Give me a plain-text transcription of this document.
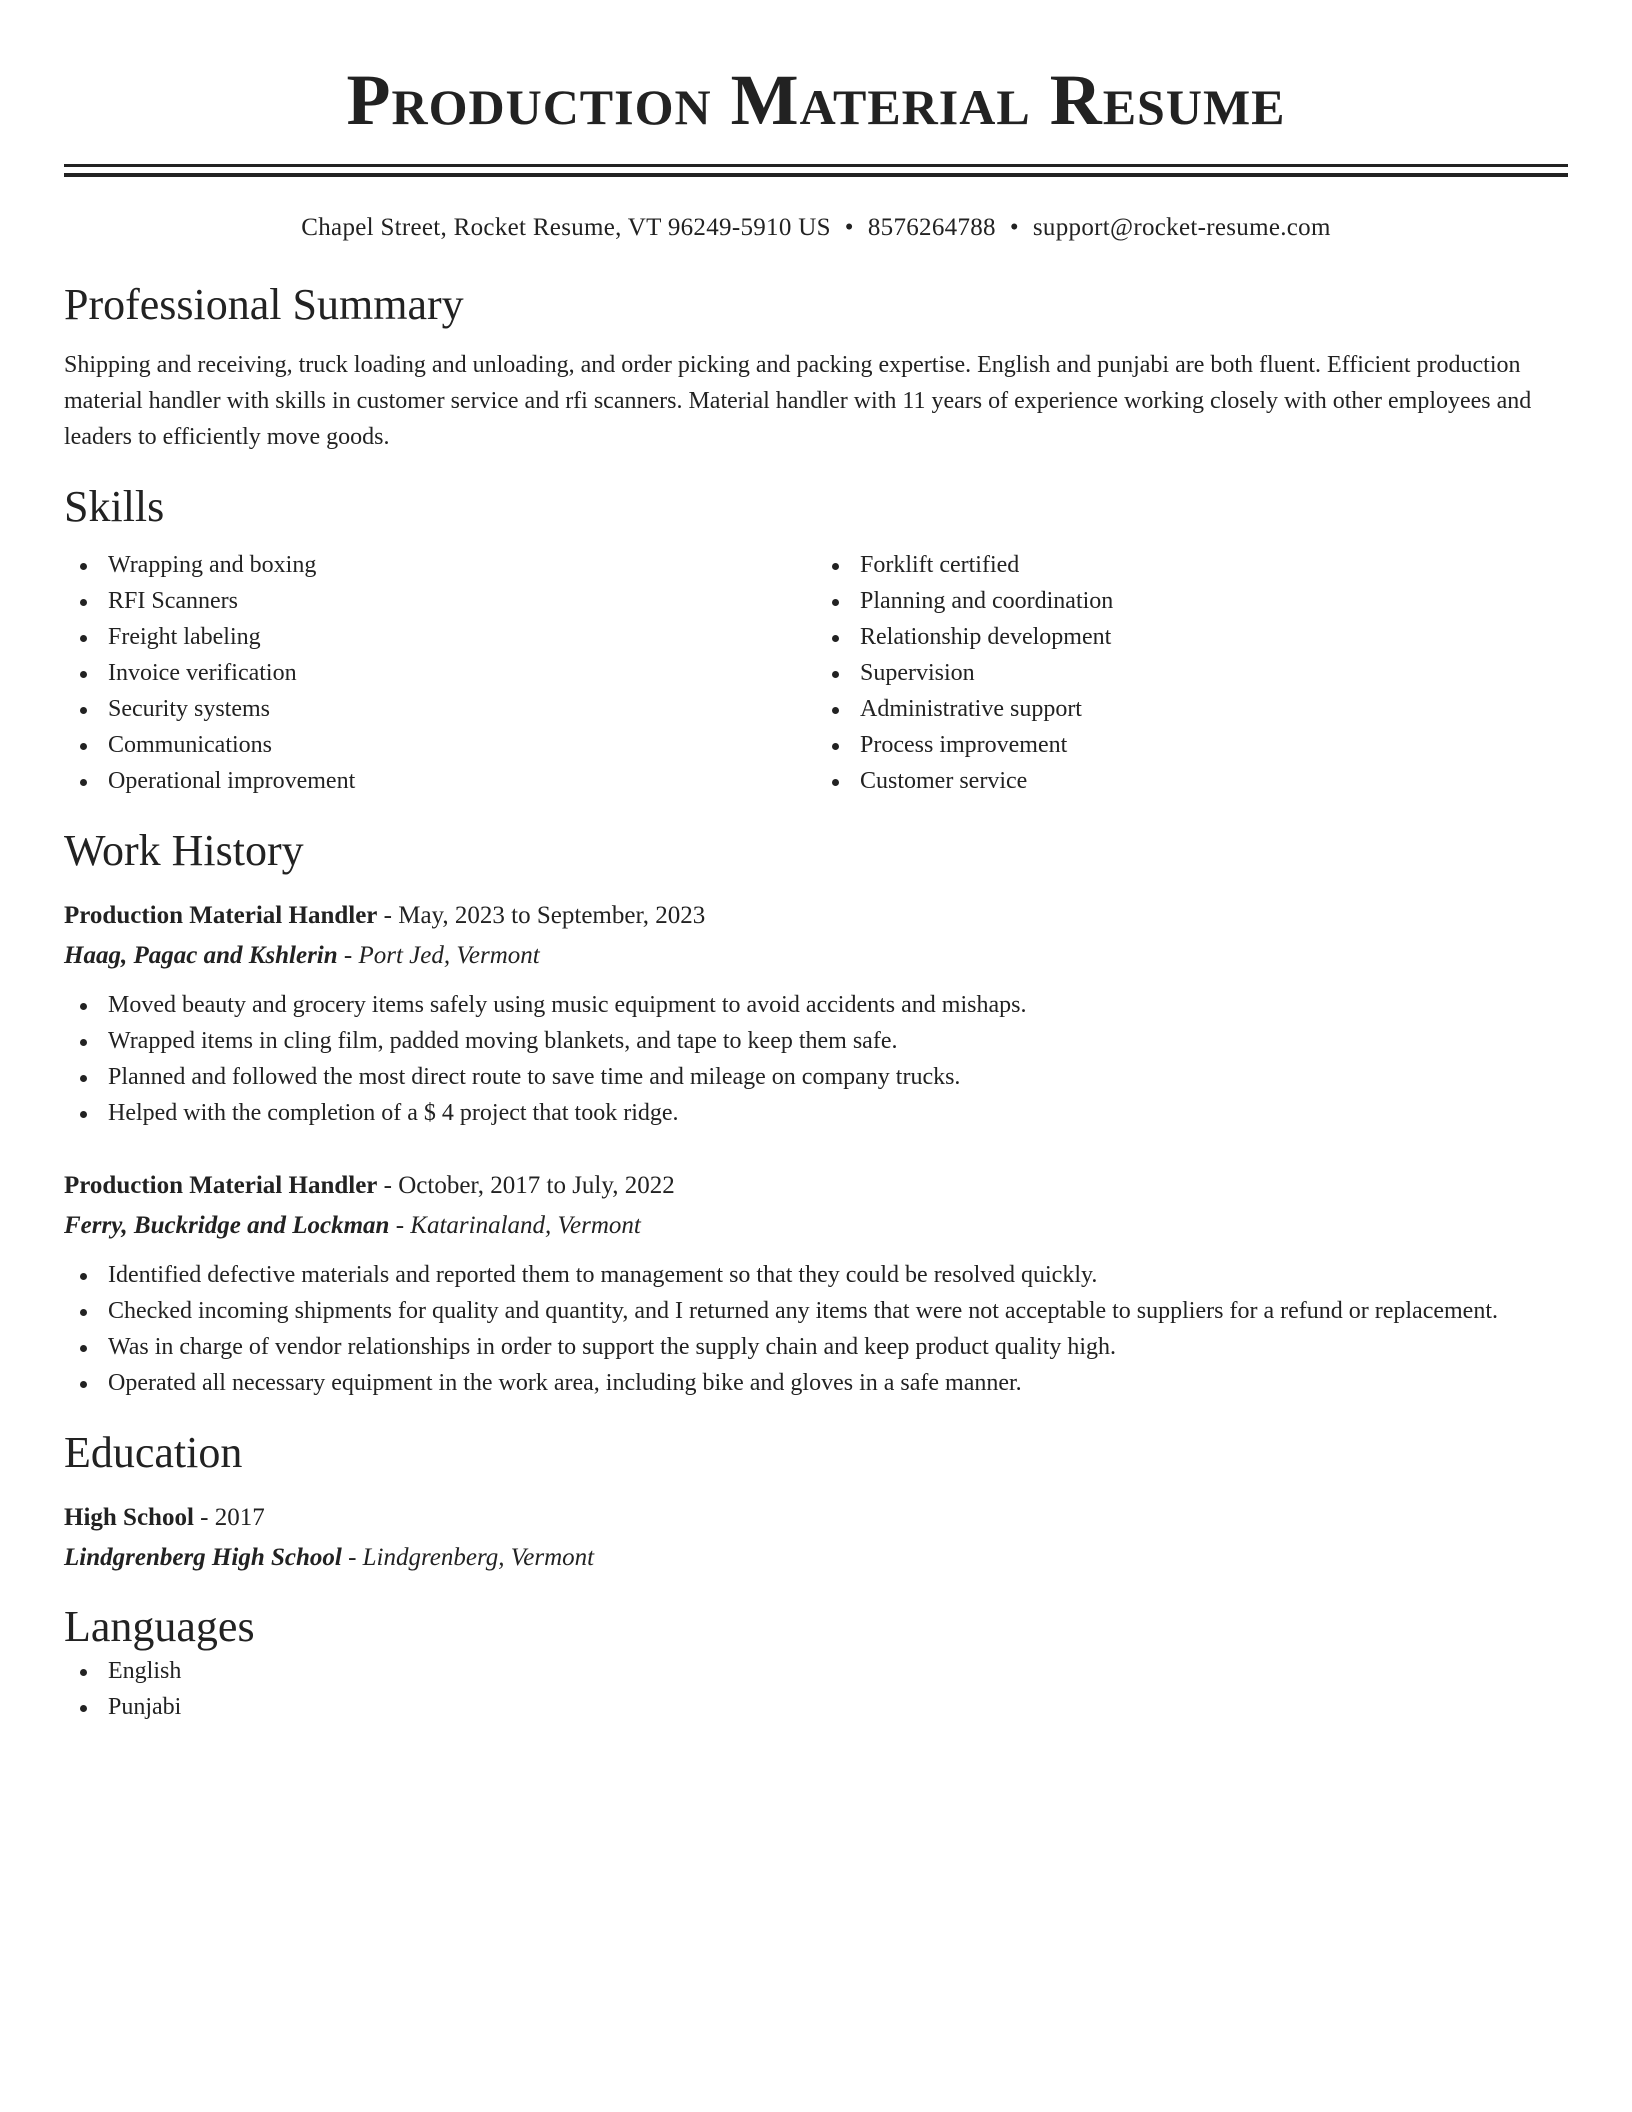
Production Material Resume
Chapel Street, Rocket Resume, VT 96249-5910 US • 8576264788 • support@rocket-resume.com
Professional Summary

Shipping and receiving, truck loading and unloading, and order picking and packing expertise. English and punjabi are both fluent. Efficient production material handler with skills in customer service and rfi scanners. Material handler with 11 years of experience working closely with other employees and leaders to efficiently move goods.

Skills
Wrapping and boxing
RFI Scanners
Freight labeling
Invoice verification
Security systems
Communications
Operational improvement
Forklift certified
Planning and coordination
Relationship development
Supervision
Administrative support
Process improvement
Customer service
Work History
Production Material Handler - May, 2023 to September, 2023
Haag, Pagac and Kshlerin - Port Jed, Vermont
Moved beauty and grocery items safely using music equipment to avoid accidents and mishaps.
Wrapped items in cling film, padded moving blankets, and tape to keep them safe.
Planned and followed the most direct route to save time and mileage on company trucks.
Helped with the completion of a $ 4 project that took ridge.
Production Material Handler - October, 2017 to July, 2022
Ferry, Buckridge and Lockman - Katarinaland, Vermont
Identified defective materials and reported them to management so that they could be resolved quickly.
Checked incoming shipments for quality and quantity, and I returned any items that were not acceptable to suppliers for a refund or replacement.
Was in charge of vendor relationships in order to support the supply chain and keep product quality high.
Operated all necessary equipment in the work area, including bike and gloves in a safe manner.
Education
High School - 2017
Lindgrenberg High School - Lindgrenberg, Vermont
Languages
English
Punjabi
